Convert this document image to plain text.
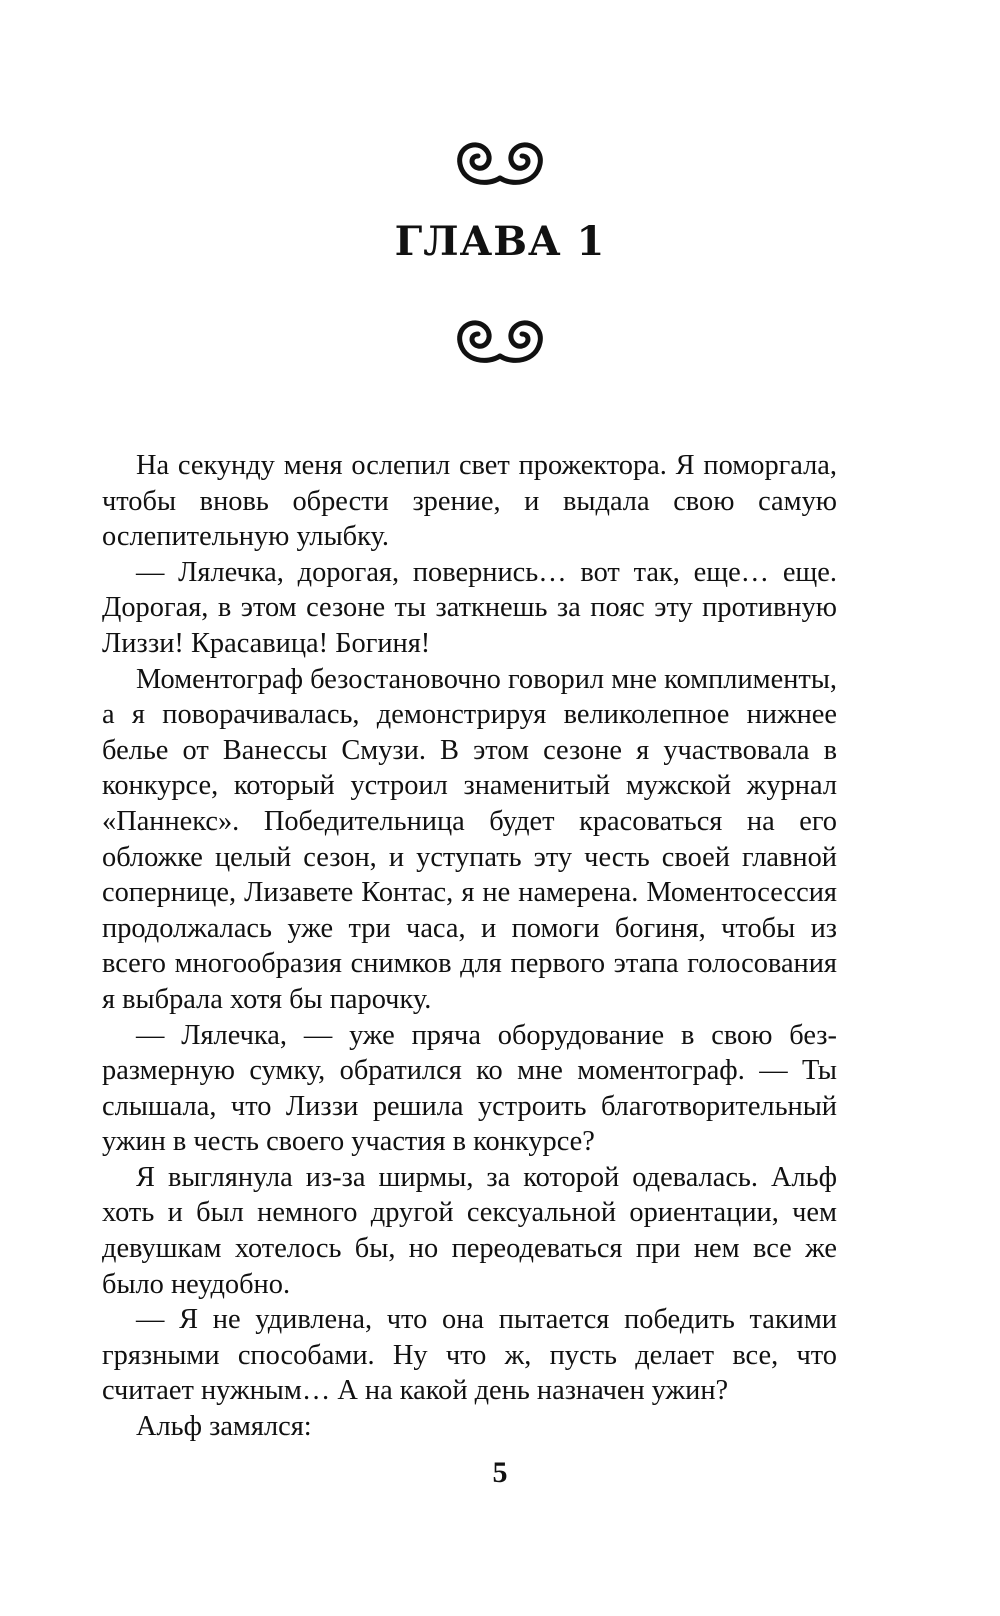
ГЛАВА 1

На секунду меня ослепил свет прожектора. Я поморгала, чтобы вновь обрести зрение, и выдала свою самую ослепительную улыбку.

— Лялечка, дорогая, повернись… вот так, еще… еще. Дорогая, в этом сезоне ты заткнешь за пояс эту противную Лиззи! Красавица! Богиня!

Моментограф безостановочно говорил мне комплименты, а я поворачивалась, демонстрируя великолепное нижнее белье от Ванессы Смузи. В этом сезоне я участвовала в конкурсе, который устроил знаменитый мужской журнал «Паннекс». Победительница будет красоваться на его обложке целый сезон, и уступать эту честь своей главной сопернице, Лизавете Контас, я не намерена. Моментосессия продолжалась уже три часа, и помоги богиня, чтобы из всего многообразия снимков для первого этапа голосования я выбрала хотя бы парочку.

— Лялечка, — уже пряча оборудование в свою безразмерную сумку, обратился ко мне моментограф. — Ты слышала, что Лиззи решила устроить благотворительный ужин в честь своего участия в конкурсе?

Я выглянула из-за ширмы, за которой одевалась. Альф хоть и был немного другой сексуальной ориентации, чем девушкам хотелось бы, но переодеваться при нем все же было неудобно.

— Я не удивлена, что она пытается победить такими грязными способами. Ну что ж, пусть делает все, что считает нужным… А на какой день назначен ужин?

Альф замялся:

5
